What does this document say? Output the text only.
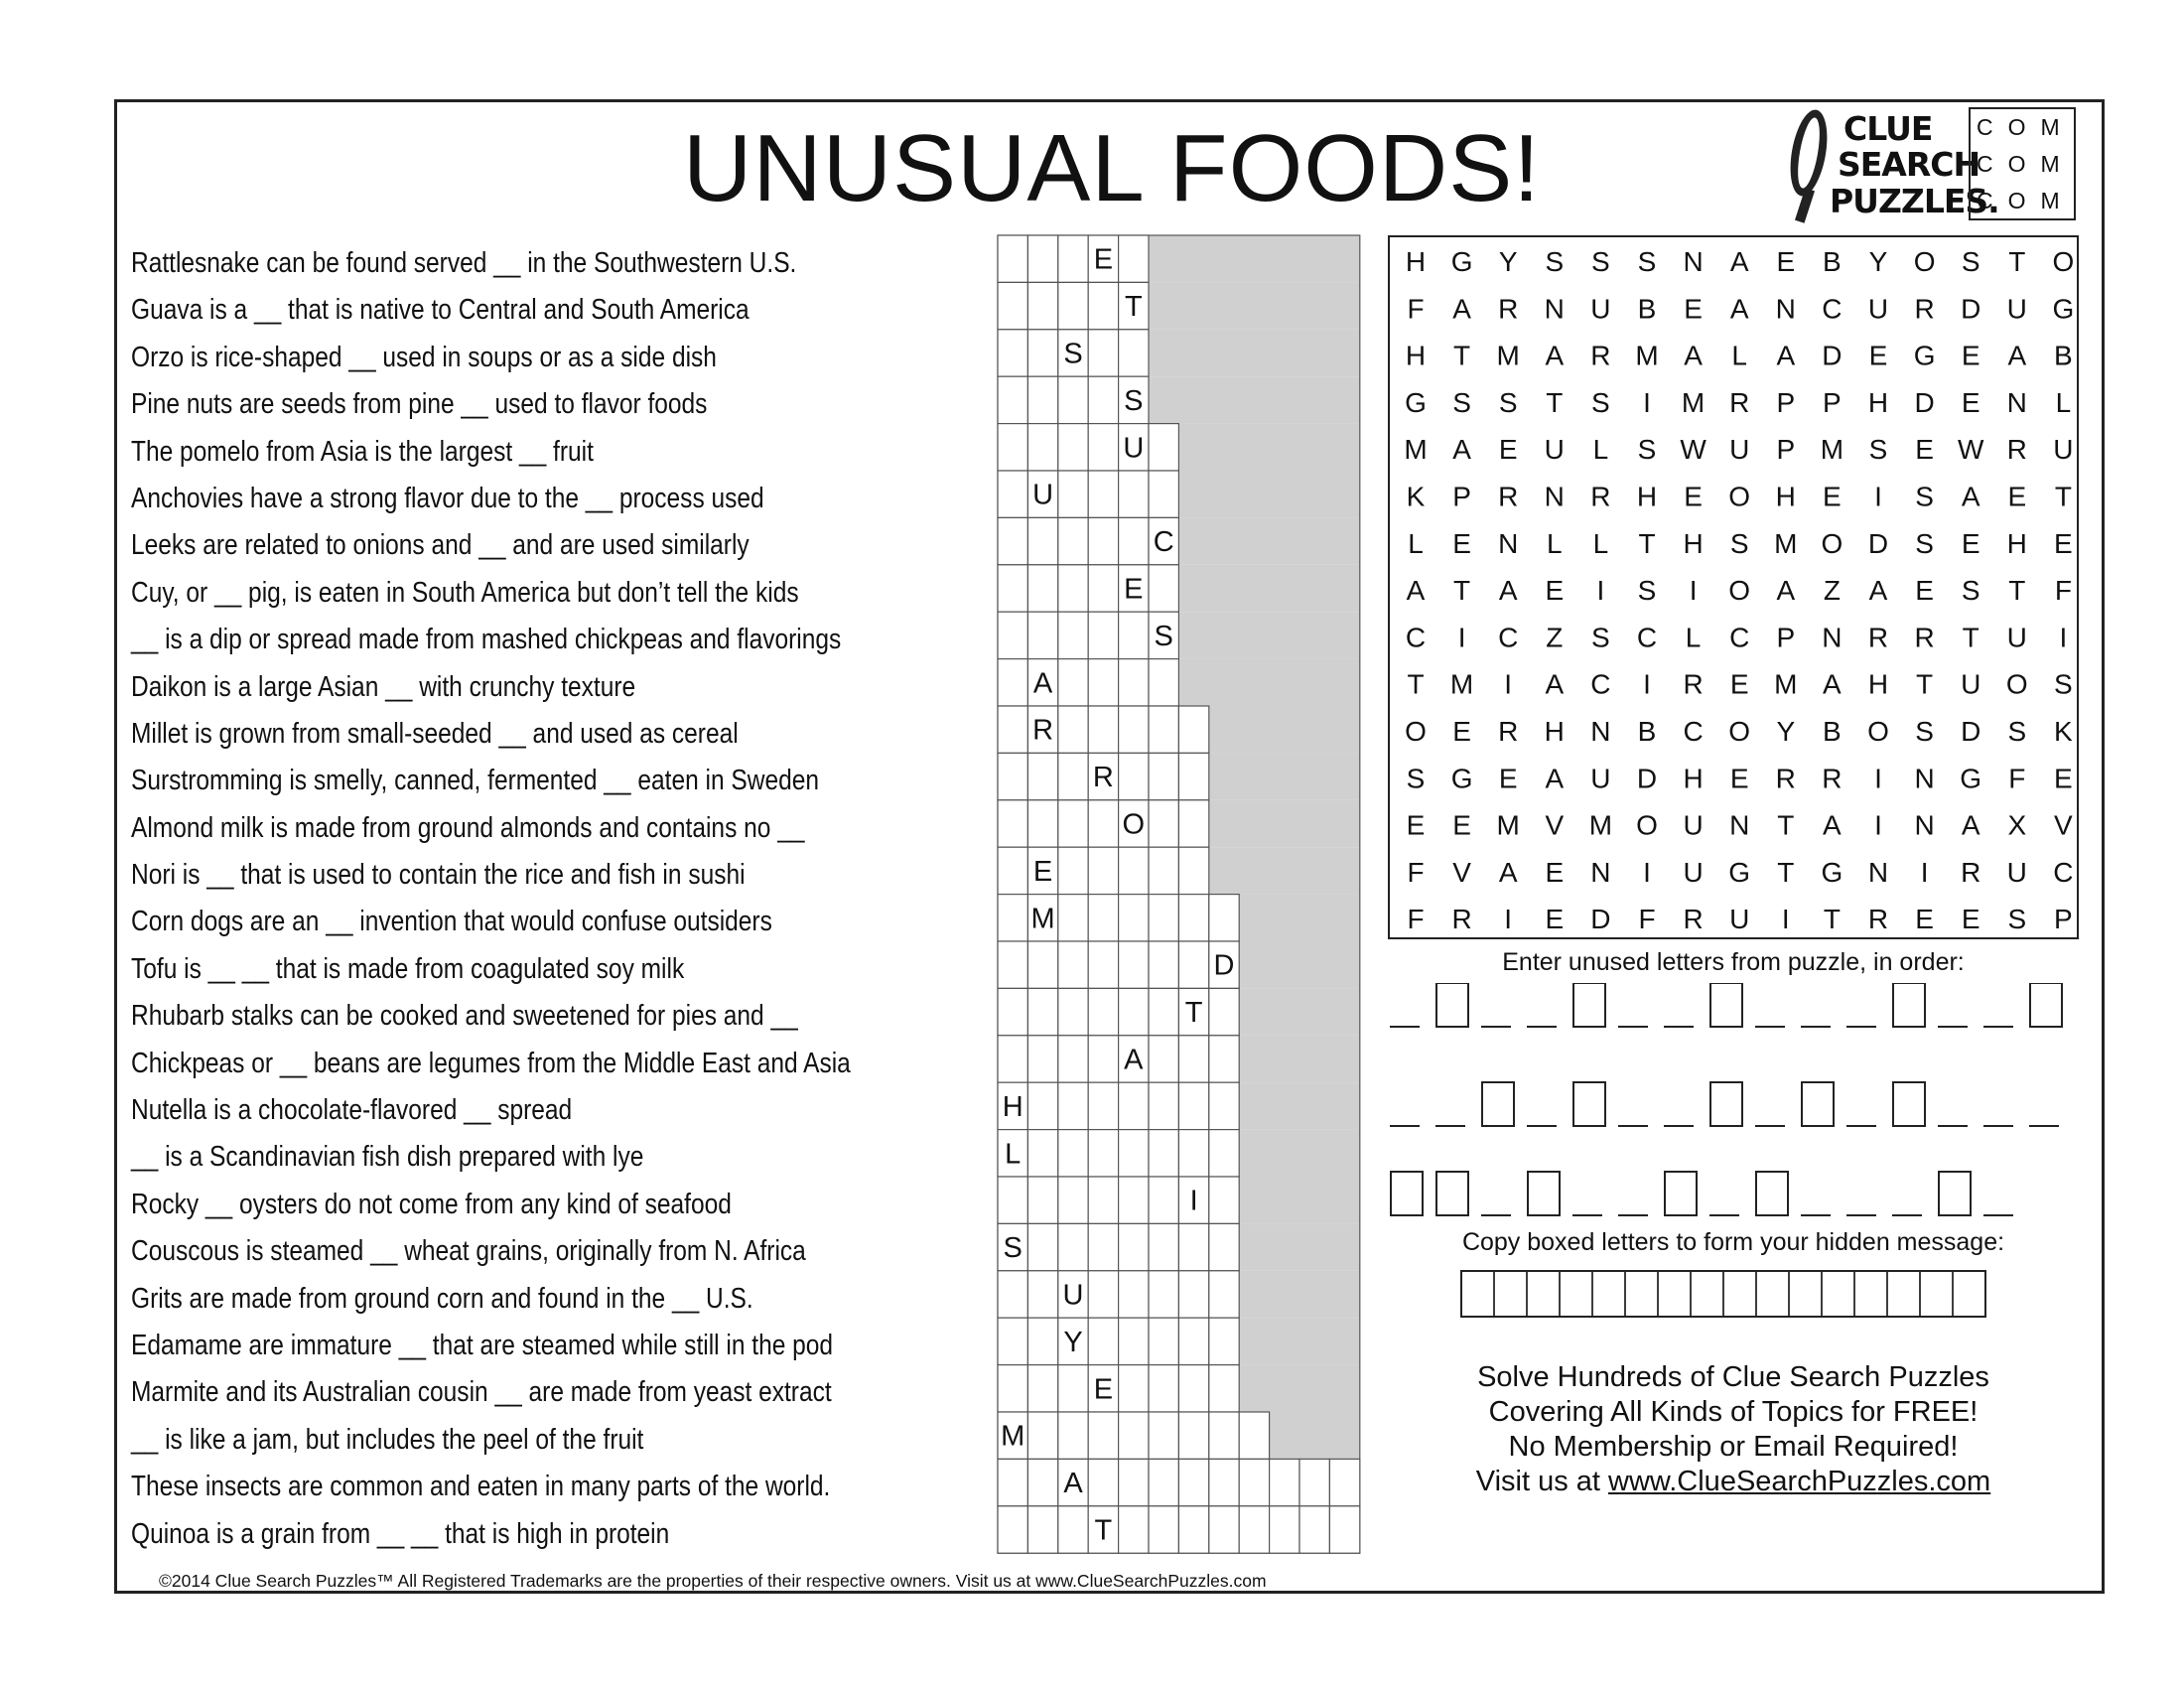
UNUSUAL FOODS!	CLUE
SEARCH
PUZZLES.
COM
COM
COM
Rattlesnake can be found served __ in the Southwestern U.S.
Guava is a __ that is native to Central and South America
Orzo is rice-shaped __ used in soups or as a side dish
Pine nuts are seeds from pine __ used to flavor foods
The pomelo from Asia is the largest __ fruit
Anchovies have a strong flavor due to the __ process used
Leeks are related to onions and __ and are used similarly
Cuy, or __ pig, is eaten in South America but don’t tell the kids
__ is a dip or spread made from mashed chickpeas and flavorings
Daikon is a large Asian __ with crunchy texture
Millet is grown from small-seeded __ and used as cereal
Surstromming is smelly, canned, fermented __ eaten in Sweden
Almond milk is made from ground almonds and contains no __
Nori is __ that is used to contain the rice and fish in sushi
Corn dogs are an __ invention that would confuse outsiders
Tofu is __ __ that is made from coagulated soy milk
Rhubarb stalks can be cooked and sweetened for pies and __
Chickpeas or __ beans are legumes from the Middle East and Asia
Nutella is a chocolate-flavored __ spread
__ is a Scandinavian fish dish prepared with lye
Rocky __ oysters do not come from any kind of seafood
Couscous is steamed __ wheat grains, originally from N. Africa
Grits are made from ground corn and found in the __ U.S.
Edamame are immature __ that are steamed while still in the pod
Marmite and its Australian cousin __ are made from yeast extract
__ is like a jam, but includes the peel of the fruit
These insects are common and eaten in many parts of the world.
Quinoa is a grain from __ __ that is high in protein
E
T
S
S
U
U
C
E
S
A
R
R
O
E
M
D
T
A
H
L
I
S
U
Y
E
M
A
T
H G Y S S S N A E B Y O S T O
F A R N U B E A N C U R D U G
H T M A R M A L A D E G E A B
G S S T S I M R P P H D E N L
M A E U L S W U P M S E W R U
K P R N R H E O H E I S A E T
L E N L L T H S M O D S E H E
A T A E I S I O A Z A E S T F
C I C Z S C L C P N R R T U I
T M I A C I R E M A H T U O S
O E R H N B C O Y B O S D S K
S G E A U D H E R R I N G F E
E E M V M O U N T A I N A X V
F V A E N I U G T G N I R U C
F R I E D F R U I T R E E S P
Enter unused letters from puzzle, in order:
Copy boxed letters to form your hidden message:
Solve Hundreds of Clue Search Puzzles
Covering All Kinds of Topics for FREE!
No Membership or Email Required!
Visit us at www.ClueSearchPuzzles.com
©2014 Clue Search Puzzles™ All Registered Trademarks are the properties of their respective owners. Visit us at www.ClueSearchPuzzles.com
